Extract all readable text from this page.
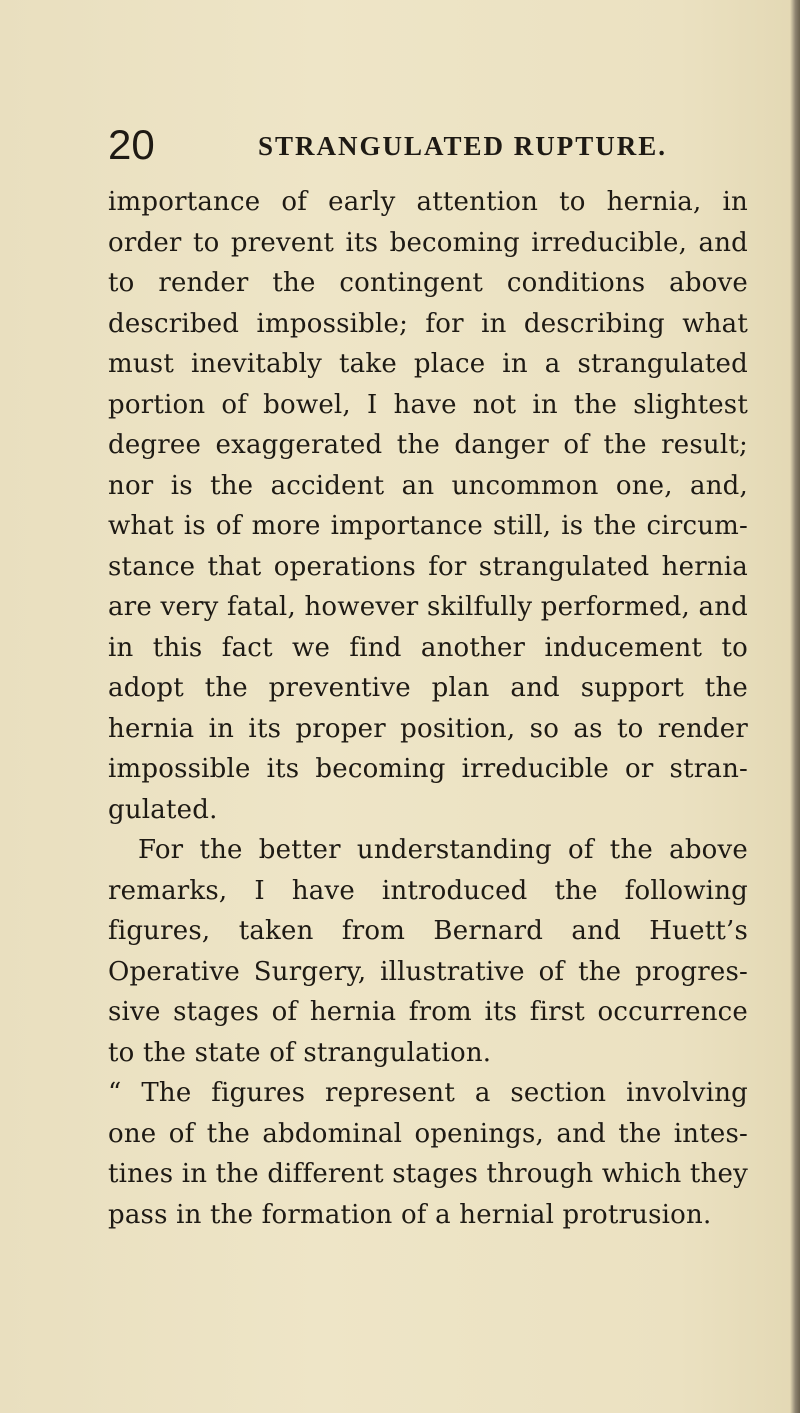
20	STRANGULATED RUPTURE.
importance of early attention to hernia, in
order to prevent its becoming irreducible, and
to render the contingent conditions above
described impossible; for in describing what
must inevitably take place in a strangulated
portion of bowel, I have not in the slightest
degree exaggerated the danger of the result;
nor is the accident an uncommon one, and,
what is of more importance still, is the circum-
stance that operations for strangulated hernia
are very fatal, however skilfully performed, and
in this fact we find another inducement to
adopt the preventive plan and support the
hernia in its proper position, so as to render
impossible its becoming irreducible or stran-
gulated.
For the better understanding of the above
remarks, I have introduced the following
figures, taken from Bernard and Huett’s
Operative Surgery, illustrative of the progres-
sive stages of hernia from its first occurrence
to the state of strangulation.
“ The figures represent a section involving
one of the abdominal openings, and the intes-
tines in the different stages through which they
pass in the formation of a hernial protrusion.
